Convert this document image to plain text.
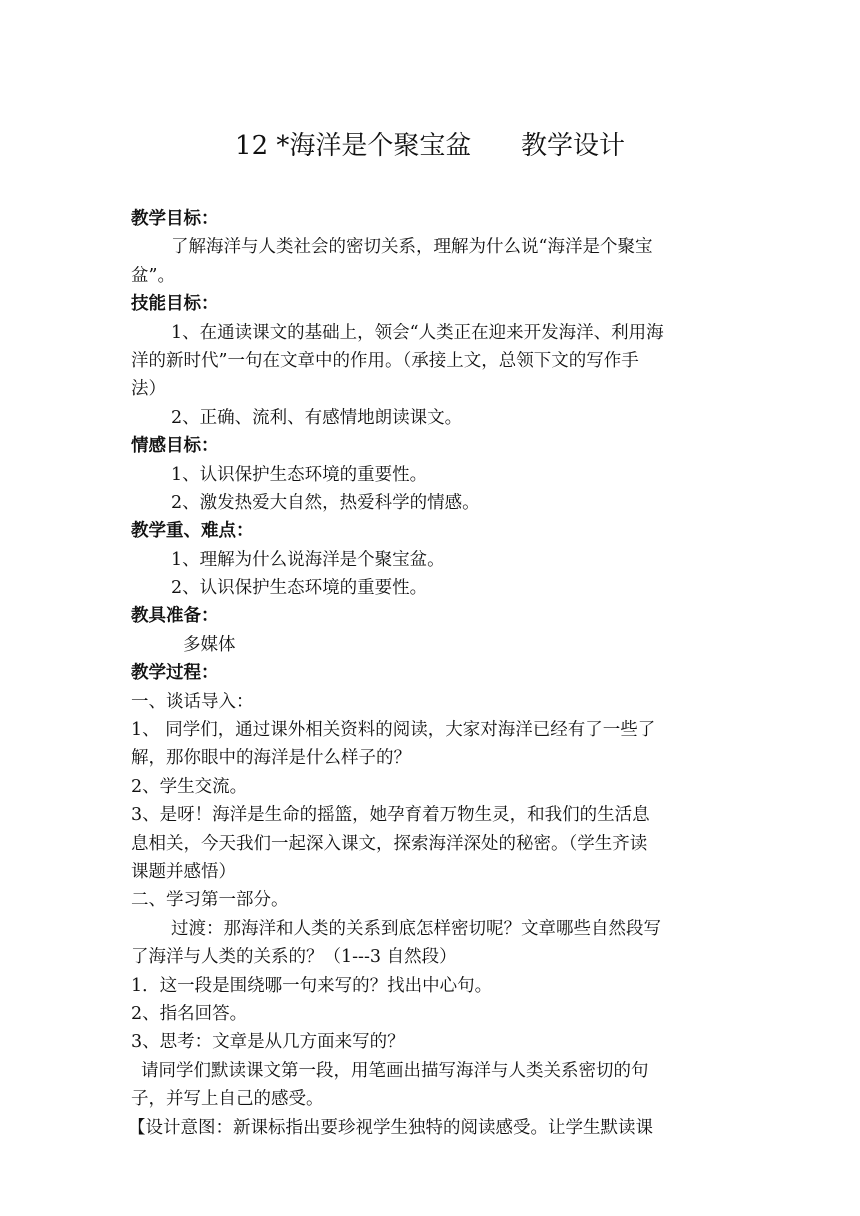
12 *海洋是个聚宝盆      教学设计
教学目标：
了解海洋与人类社会的密切关系，理解为什么说“海洋是个聚宝
盆”。
技能目标：
1、在通读课文的基础上，领会“人类正在迎来开发海洋、利用海
洋的新时代”一句在文章中的作用。（承接上文，总领下文的写作手
法）
2、正确、流利、有感情地朗读课文。
情感目标：
1、认识保护生态环境的重要性。
2、激发热爱大自然，热爱科学的情感。
教学重、难点：
1、理解为什么说海洋是个聚宝盆。
2、认识保护生态环境的重要性。
教具准备：
多媒体
教学过程：
一、谈话导入：
1、 同学们，通过课外相关资料的阅读，大家对海洋已经有了一些了
解，那你眼中的海洋是什么样子的？
2、学生交流。
3、是呀！海洋是生命的摇篮，她孕育着万物生灵，和我们的生活息
息相关，今天我们一起深入课文，探索海洋深处的秘密。（学生齐读
课题并感悟）
二、学习第一部分。
过渡：那海洋和人类的关系到底怎样密切呢？文章哪些自然段写
了海洋与人类的关系的？（1---3 自然段）
1．这一段是围绕哪一句来写的？找出中心句。
2、指名回答。
3、思考：文章是从几方面来写的？
请同学们默读课文第一段，用笔画出描写海洋与人类关系密切的句
子，并写上自己的感受。
【设计意图：新课标指出要珍视学生独特的阅读感受。让学生默读课
